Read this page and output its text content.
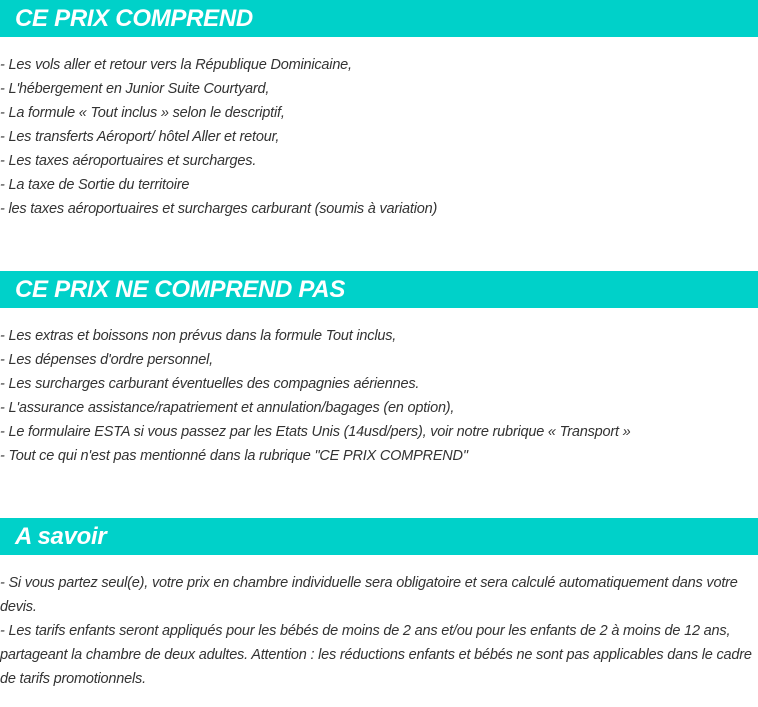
CE PRIX COMPREND
- Les vols aller et retour vers la République Dominicaine,
- L'hébergement en Junior Suite Courtyard,
- La formule « Tout inclus » selon le descriptif,
- Les transferts Aéroport/ hôtel Aller et retour,
- Les taxes aéroportuaires et surcharges.
- La taxe de Sortie du territoire
- les taxes aéroportuaires et surcharges carburant (soumis à variation)
CE PRIX NE COMPREND PAS
- Les extras et boissons non prévus dans la formule Tout inclus,
- Les dépenses d'ordre personnel,
- Les surcharges carburant éventuelles des compagnies aériennes.
- L'assurance assistance/rapatriement et annulation/bagages (en option),
- Le formulaire ESTA si vous passez par les Etats Unis (14usd/pers), voir notre rubrique « Transport »
- Tout ce qui n'est pas mentionné dans la rubrique "CE PRIX COMPREND"
A savoir
- Si vous partez seul(e), votre prix en chambre individuelle sera obligatoire et sera calculé automatiquement dans votre devis.
- Les tarifs enfants seront appliqués pour les bébés de moins de 2 ans et/ou pour les enfants de 2 à moins de 12 ans, partageant la chambre de deux adultes. Attention : les réductions enfants et bébés ne sont pas applicables dans le cadre de tarifs promotionnels.
